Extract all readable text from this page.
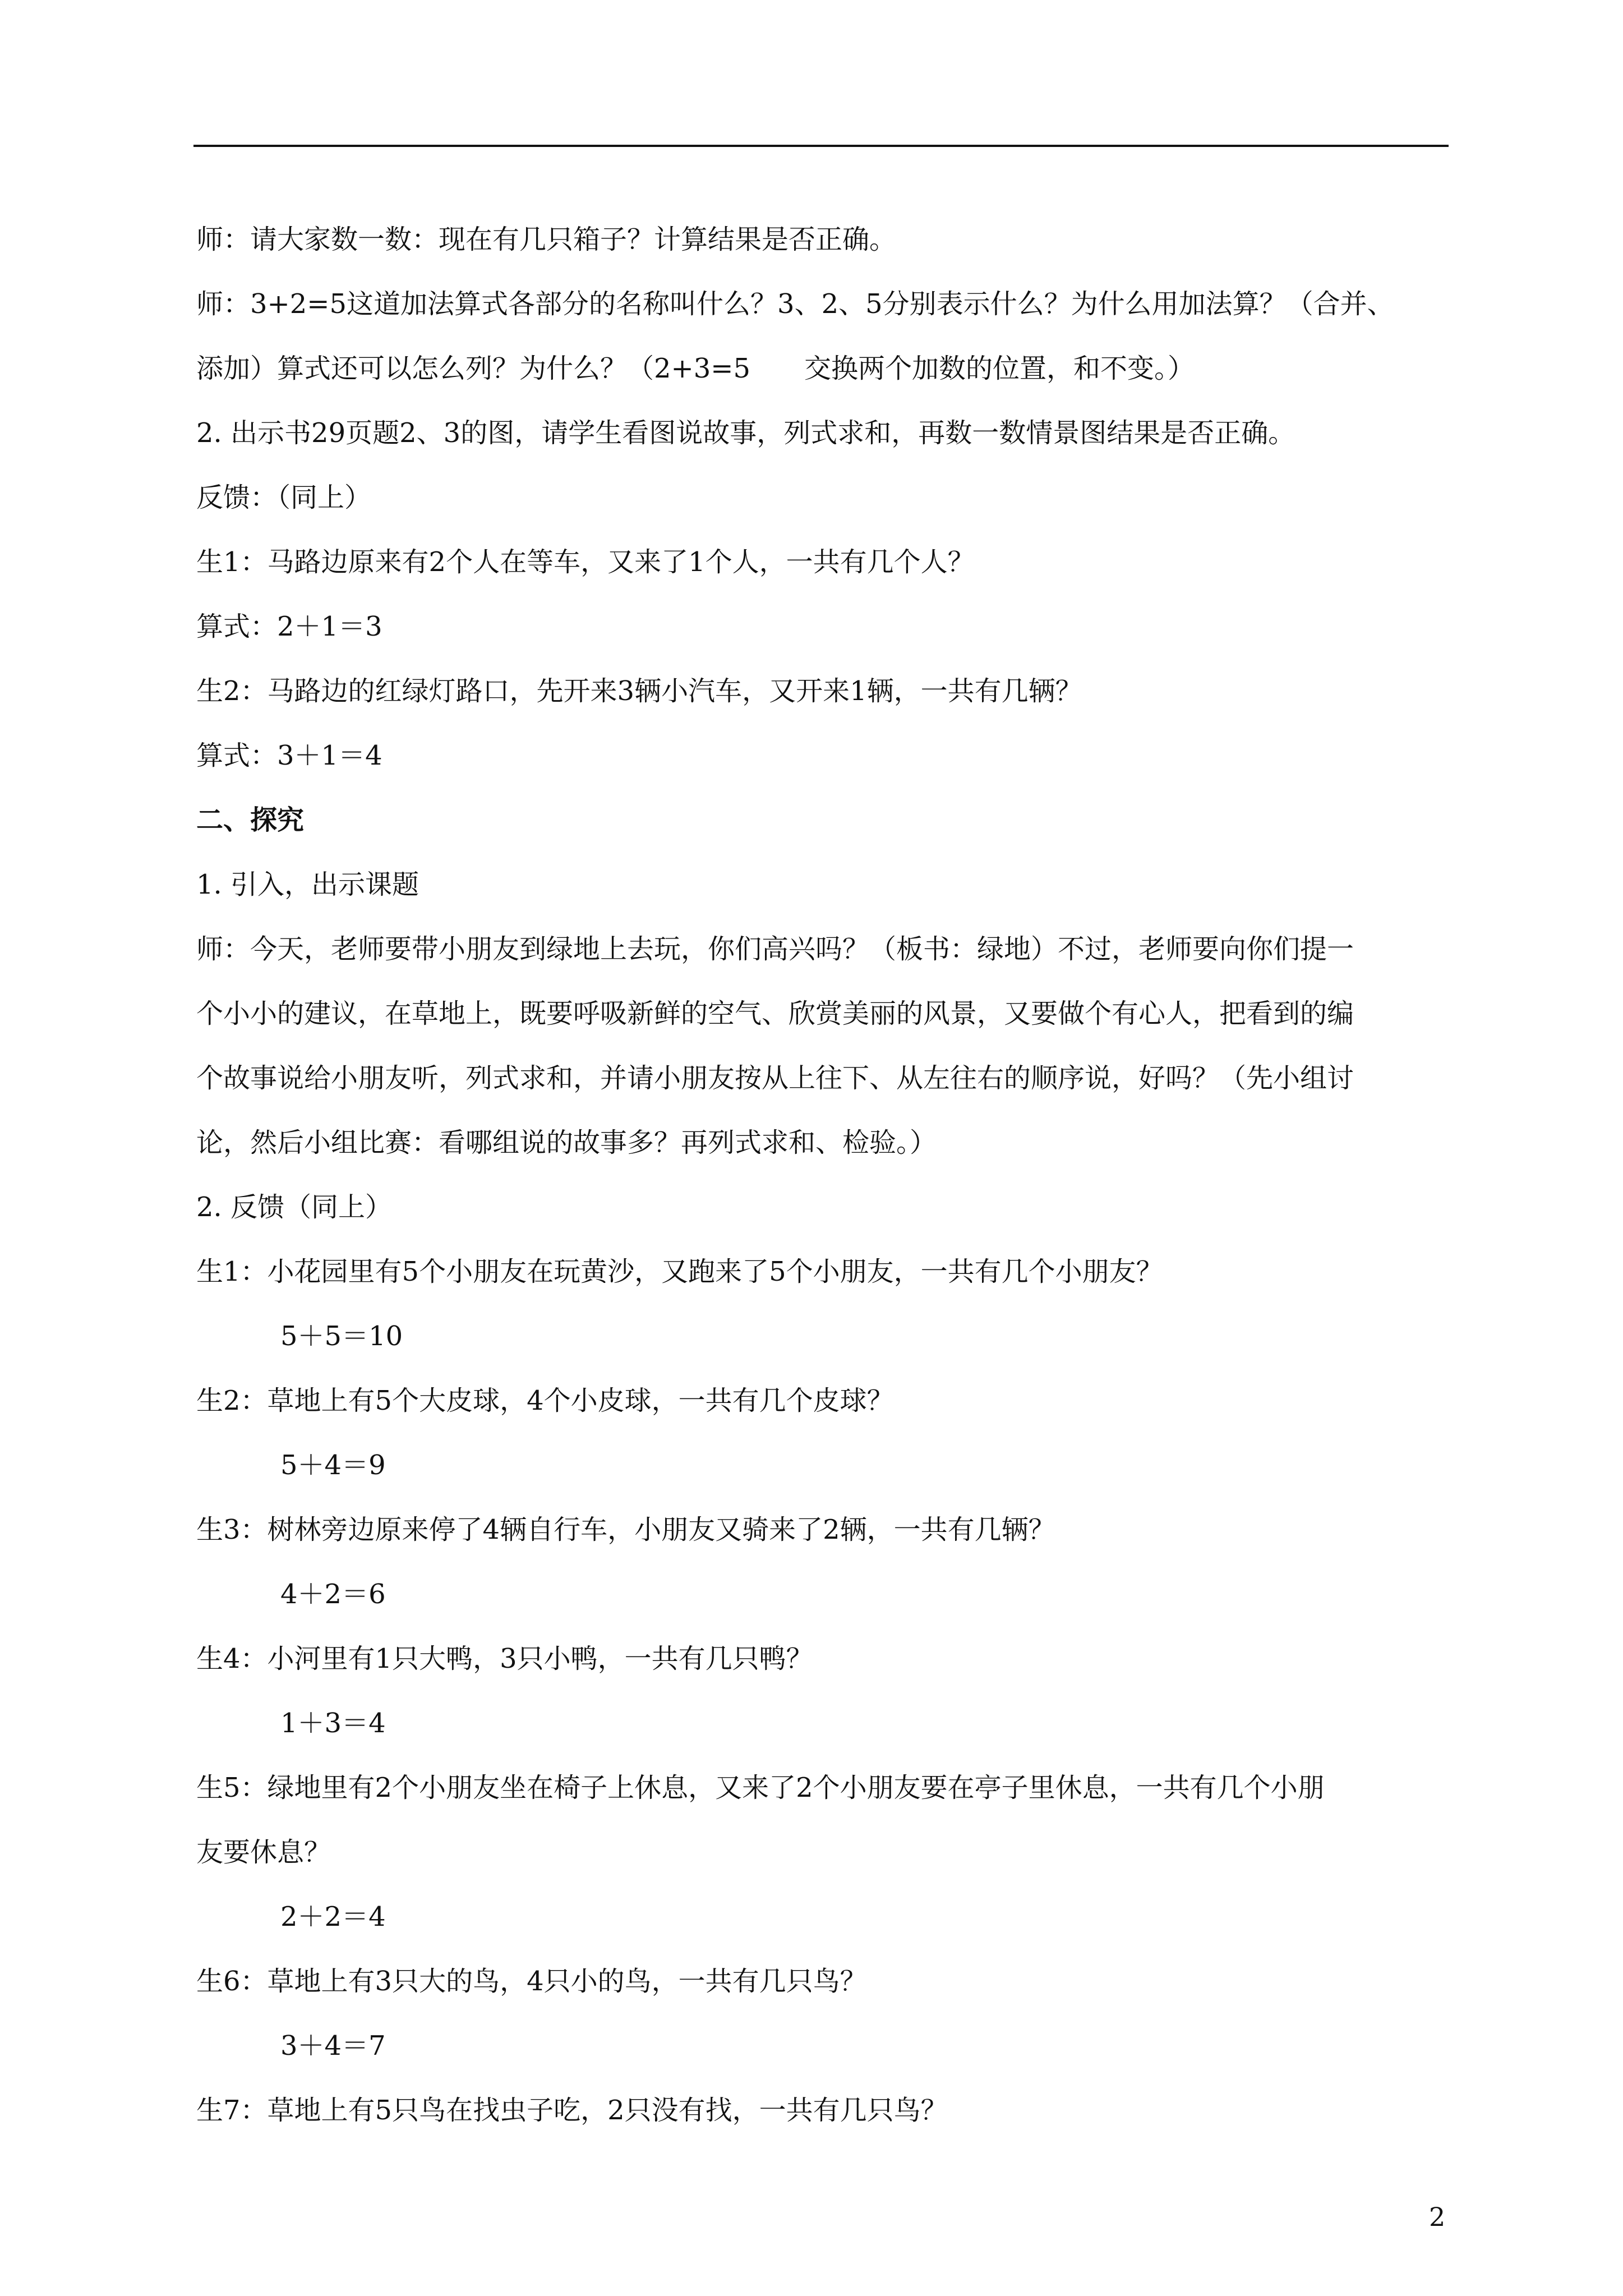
师：请大家数一数：现在有几只箱子？计算结果是否正确。
师：3+2=5这道加法算式各部分的名称叫什么？3、2、5分别表示什么？为什么用加法算？（合并、
添加）算式还可以怎么列？为什么？（2+3=5　　交换两个加数的位置，和不变。）
2. 出示书29页题2、3的图，请学生看图说故事，列式求和，再数一数情景图结果是否正确。
反馈：（同上）
生1：马路边原来有2个人在等车，又来了1个人，一共有几个人？
算式：2＋1＝3
生2：马路边的红绿灯路口，先开来3辆小汽车，又开来1辆，一共有几辆？
算式：3＋1＝4
二、探究
1. 引入，出示课题
师：今天，老师要带小朋友到绿地上去玩，你们高兴吗？（板书：绿地）不过，老师要向你们提一
个小小的建议，在草地上，既要呼吸新鲜的空气、欣赏美丽的风景，又要做个有心人，把看到的编
个故事说给小朋友听，列式求和，并请小朋友按从上往下、从左往右的顺序说，好吗？（先小组讨
论，然后小组比赛：看哪组说的故事多？再列式求和、检验。）
2. 反馈（同上）
生1：小花园里有5个小朋友在玩黄沙，又跑来了5个小朋友，一共有几个小朋友？
5＋5＝10
生2：草地上有5个大皮球，4个小皮球，一共有几个皮球？
5＋4＝9
生3：树林旁边原来停了4辆自行车，小朋友又骑来了2辆，一共有几辆？
4＋2＝6
生4：小河里有1只大鸭，3只小鸭，一共有几只鸭？
1＋3＝4
生5：绿地里有2个小朋友坐在椅子上休息，又来了2个小朋友要在亭子里休息，一共有几个小朋
友要休息？
2＋2＝4
生6：草地上有3只大的鸟，4只小的鸟，一共有几只鸟？
3＋4＝7
生7：草地上有5只鸟在找虫子吃，2只没有找，一共有几只鸟？
2
